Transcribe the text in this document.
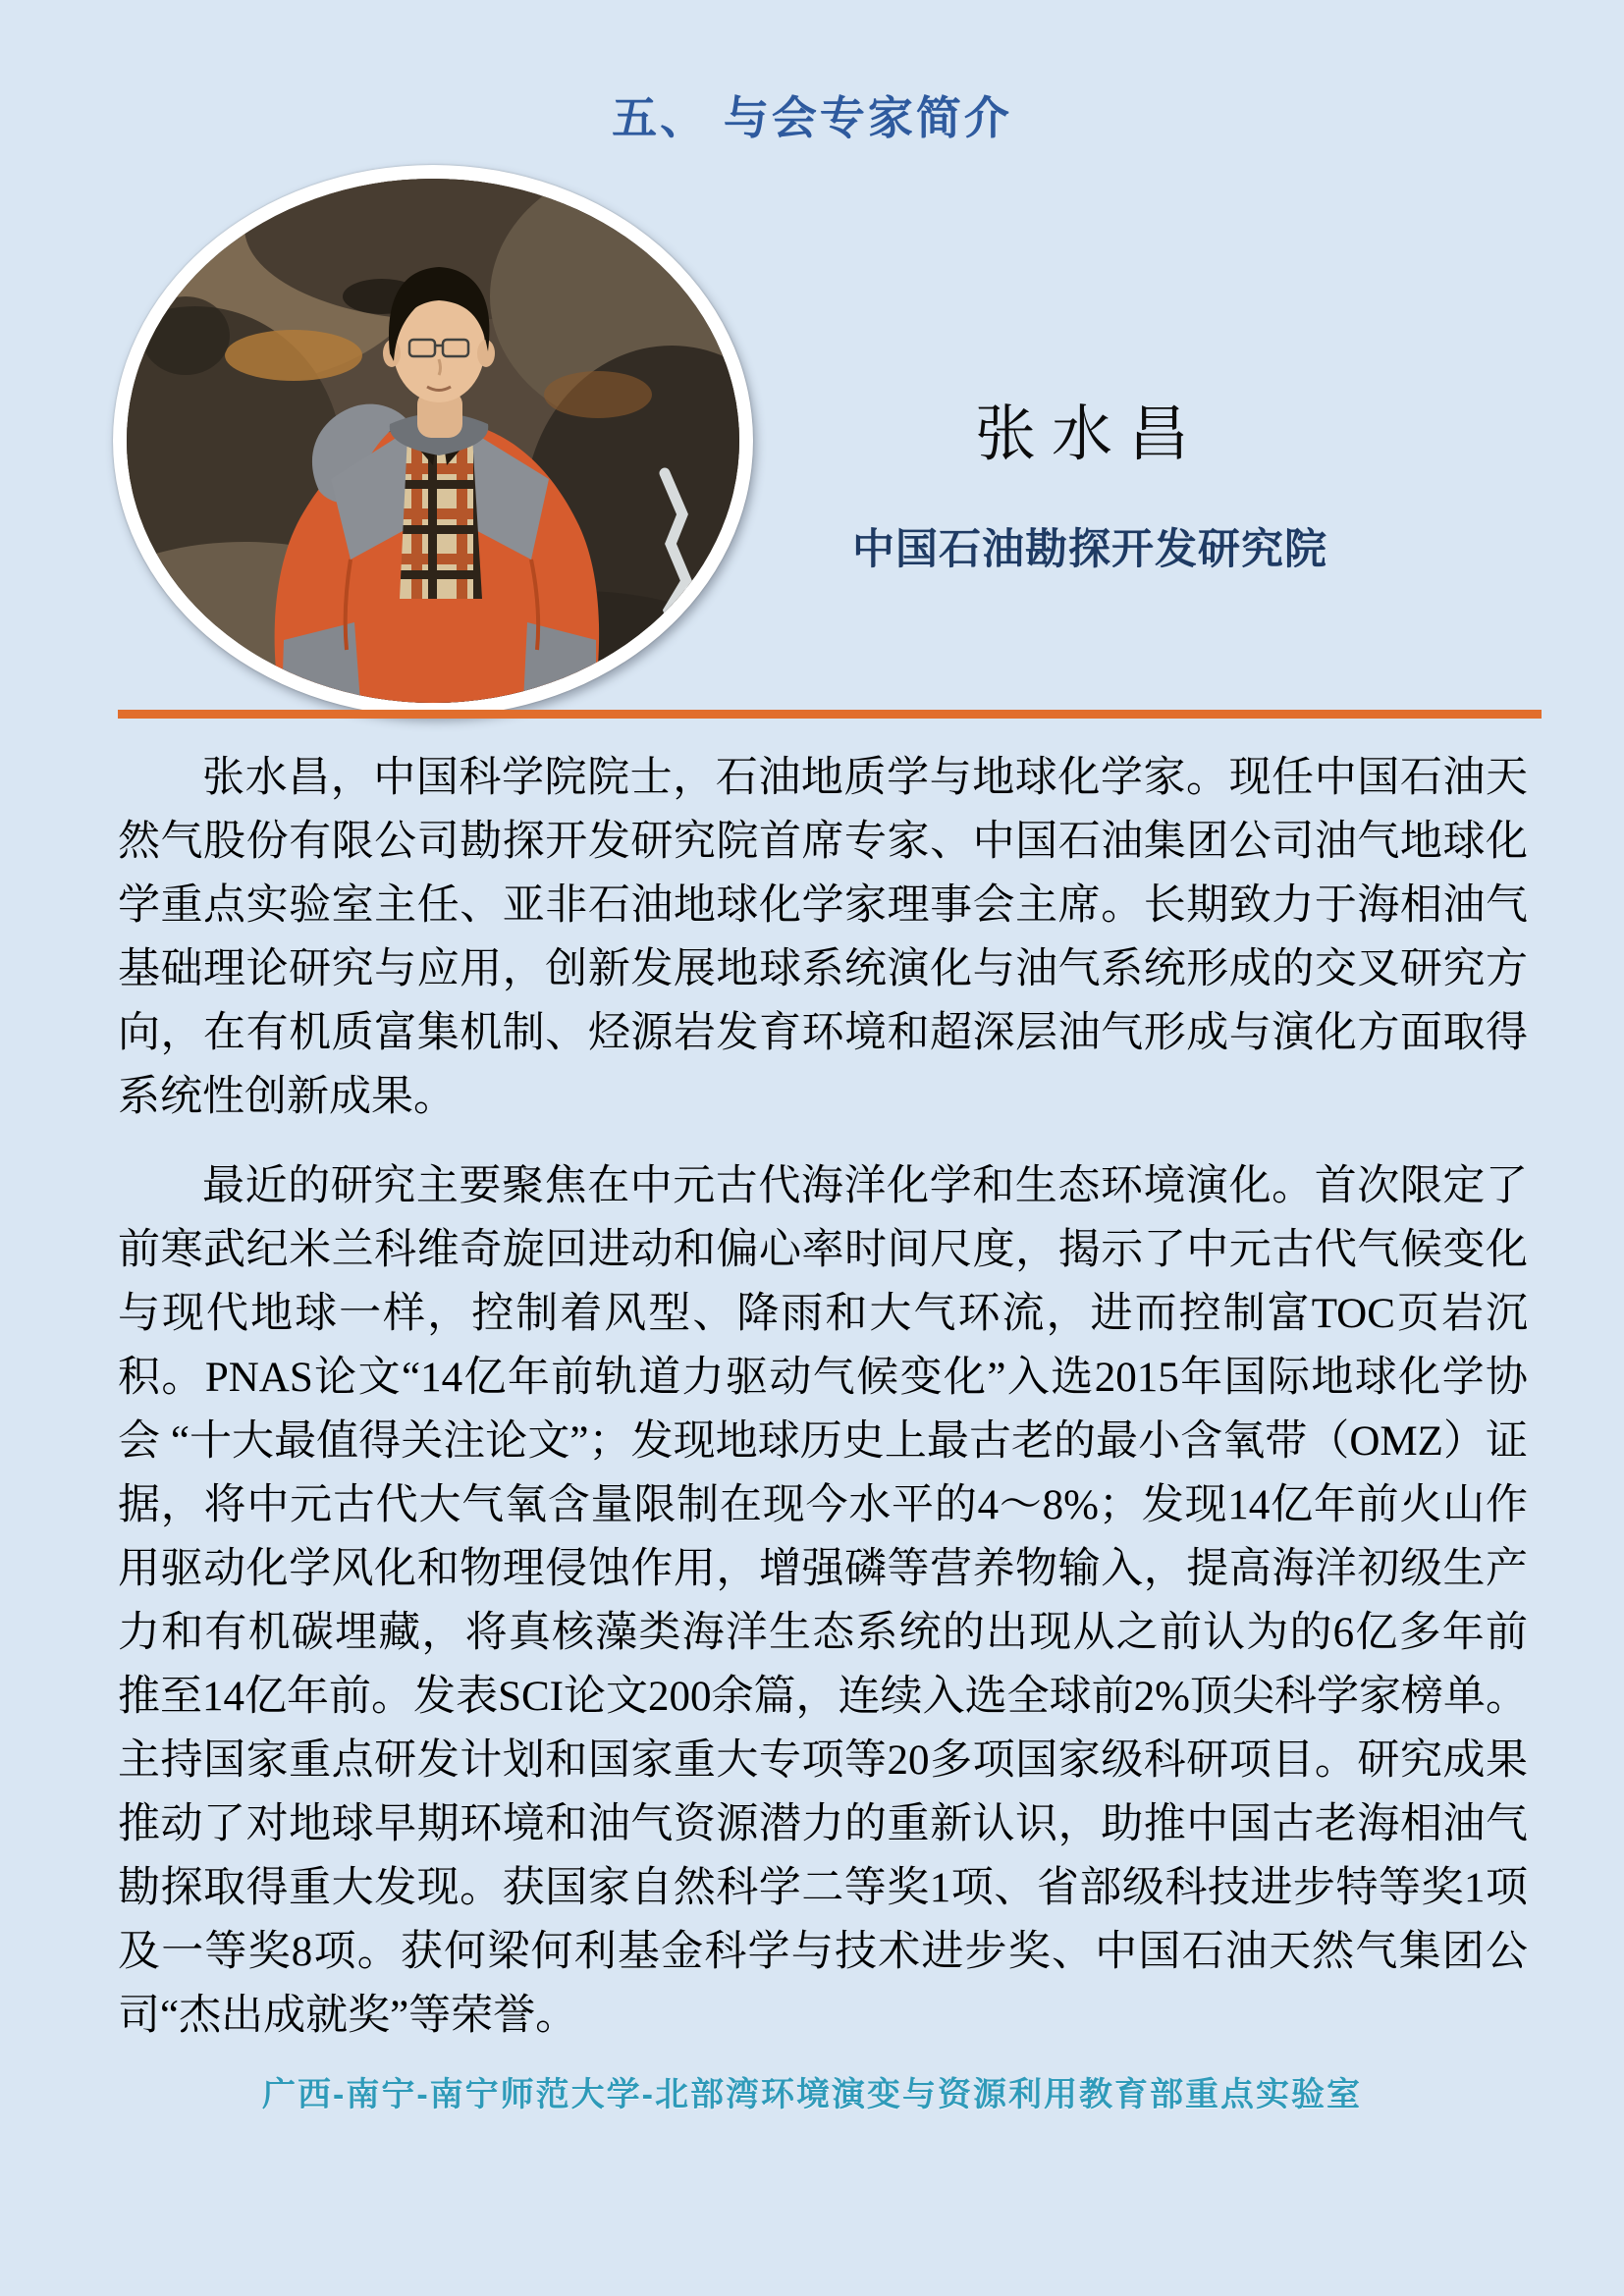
五、 与会专家简介
张水昌
中国石油勘探开发研究院

张水昌，中国科学院院士，石油地质学与地球化学家。现任中国石油天然气股份有限公司勘探开发研究院首席专家、中国石油集团公司油气地球化学重点实验室主任、亚非石油地球化学家理事会主席。长期致力于海相油气基础理论研究与应用，创新发展地球系统演化与油气系统形成的交叉研究方向，在有机质富集机制、烃源岩发育环境和超深层油气形成与演化方面取得系统性创新成果。

最近的研究主要聚焦在中元古代海洋化学和生态环境演化。首次限定了前寒武纪米兰科维奇旋回进动和偏心率时间尺度，揭示了中元古代气候变化与现代地球一样，控制着风型、降雨和大气环流，进而控制富TOC页岩沉积。PNAS论文“14亿年前轨道力驱动气候变化”入选2015年国际地球化学协会 “十大最值得关注论文”；发现地球历史上最古老的最小含氧带（OMZ）证据，将中元古代大气氧含量限制在现今水平的4～8%；发现14亿年前火山作用驱动化学风化和物理侵蚀作用，增强磷等营养物输入，提高海洋初级生产力和有机碳埋藏，将真核藻类海洋生态系统的出现从之前认为的6亿多年前推至14亿年前。发表SCI论文200余篇，连续入选全球前2%顶尖科学家榜单。主持国家重点研发计划和国家重大专项等20多项国家级科研项目。研究成果推动了对地球早期环境和油气资源潜力的重新认识，助推中国古老海相油气勘探取得重大发现。获国家自然科学二等奖1项、省部级科技进步特等奖1项及一等奖8项。获何梁何利基金科学与技术进步奖、中国石油天然气集团公司“杰出成就奖”等荣誉。

广西-南宁-南宁师范大学-北部湾环境演变与资源利用教育部重点实验室
